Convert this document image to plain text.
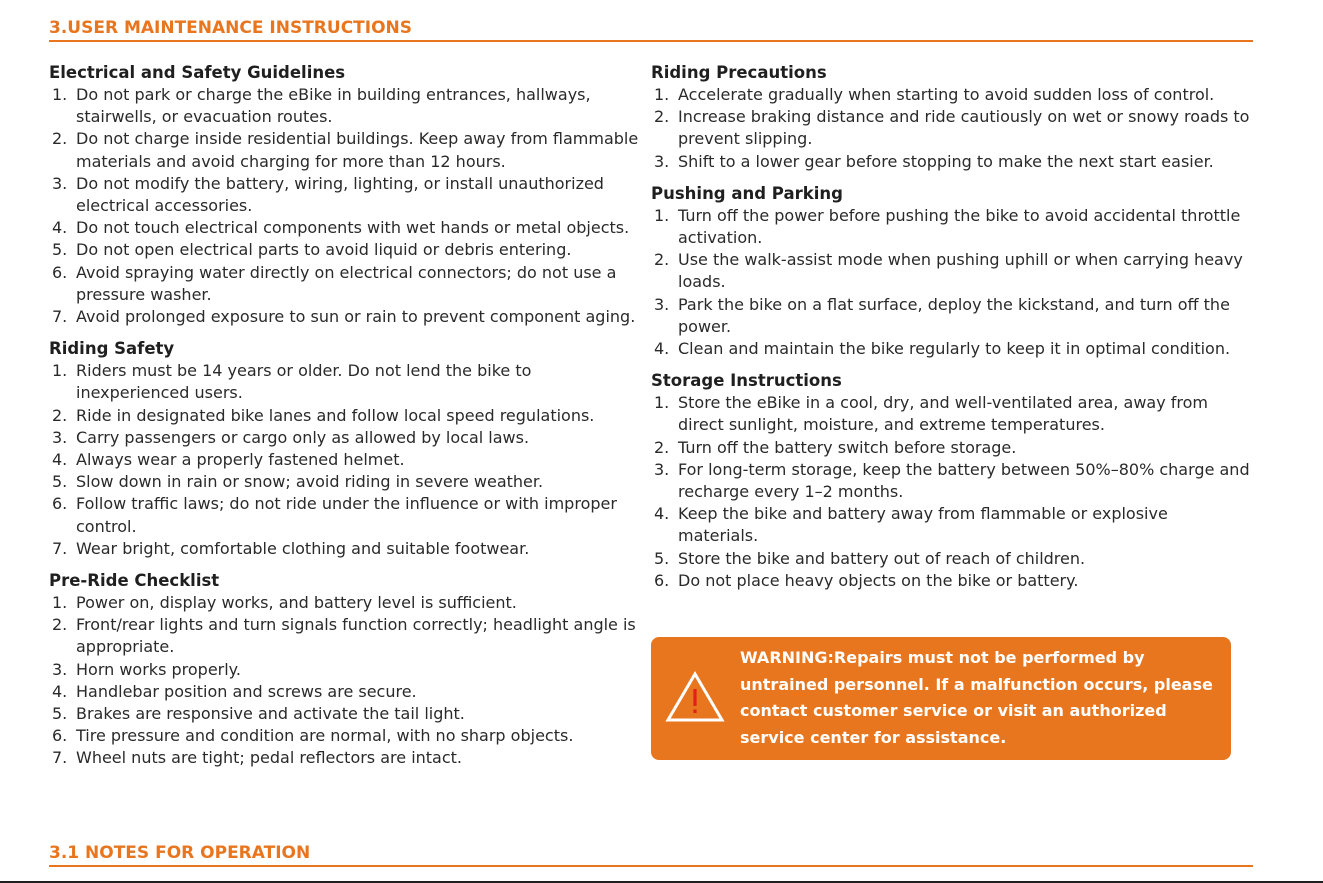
3.USER MAINTENANCE INSTRUCTIONS
Electrical and Safety Guidelines
1. Do not park or charge the eBike in building entrances, hallways, stairwells, or evacuation routes.
2. Do not charge inside residential buildings. Keep away from flammable materials and avoid charging for more than 12 hours.
3. Do not modify the battery, wiring, lighting, or install unauthorized electrical accessories.
4. Do not touch electrical components with wet hands or metal objects.
5. Do not open electrical parts to avoid liquid or debris entering.
6. Avoid spraying water directly on electrical connectors; do not use a pressure washer.
7. Avoid prolonged exposure to sun or rain to prevent component aging.
Riding Safety
1. Riders must be 14 years or older. Do not lend the bike to inexperienced users.
2. Ride in designated bike lanes and follow local speed regulations.
3. Carry passengers or cargo only as allowed by local laws.
4. Always wear a properly fastened helmet.
5. Slow down in rain or snow; avoid riding in severe weather.
6. Follow traffic laws; do not ride under the influence or with improper control.
7. Wear bright, comfortable clothing and suitable footwear.
Pre-Ride Checklist
1. Power on, display works, and battery level is sufficient.
2. Front/rear lights and turn signals function correctly; headlight angle is appropriate.
3. Horn works properly.
4. Handlebar position and screws are secure.
5. Brakes are responsive and activate the tail light.
6. Tire pressure and condition are normal, with no sharp objects.
7. Wheel nuts are tight; pedal reflectors are intact.
Riding Precautions
1. Accelerate gradually when starting to avoid sudden loss of control.
2. Increase braking distance and ride cautiously on wet or snowy roads to prevent slipping.
3. Shift to a lower gear before stopping to make the next start easier.
Pushing and Parking
1. Turn off the power before pushing the bike to avoid accidental throttle activation.
2. Use the walk-assist mode when pushing uphill or when carrying heavy loads.
3. Park the bike on a flat surface, deploy the kickstand, and turn off the power.
4. Clean and maintain the bike regularly to keep it in optimal condition.
Storage Instructions
1. Store the eBike in a cool, dry, and well-ventilated area, away from direct sunlight, moisture, and extreme temperatures.
2. Turn off the battery switch before storage.
3. For long-term storage, keep the battery between 50%–80% charge and recharge every 1–2 months.
4. Keep the bike and battery away from flammable or explosive materials.
5. Store the bike and battery out of reach of children.
6. Do not place heavy objects on the bike or battery.
WARNING:Repairs must not be performed by untrained personnel. If a malfunction occurs, please contact customer service or visit an authorized service center for assistance.
3.1 NOTES FOR OPERATION
